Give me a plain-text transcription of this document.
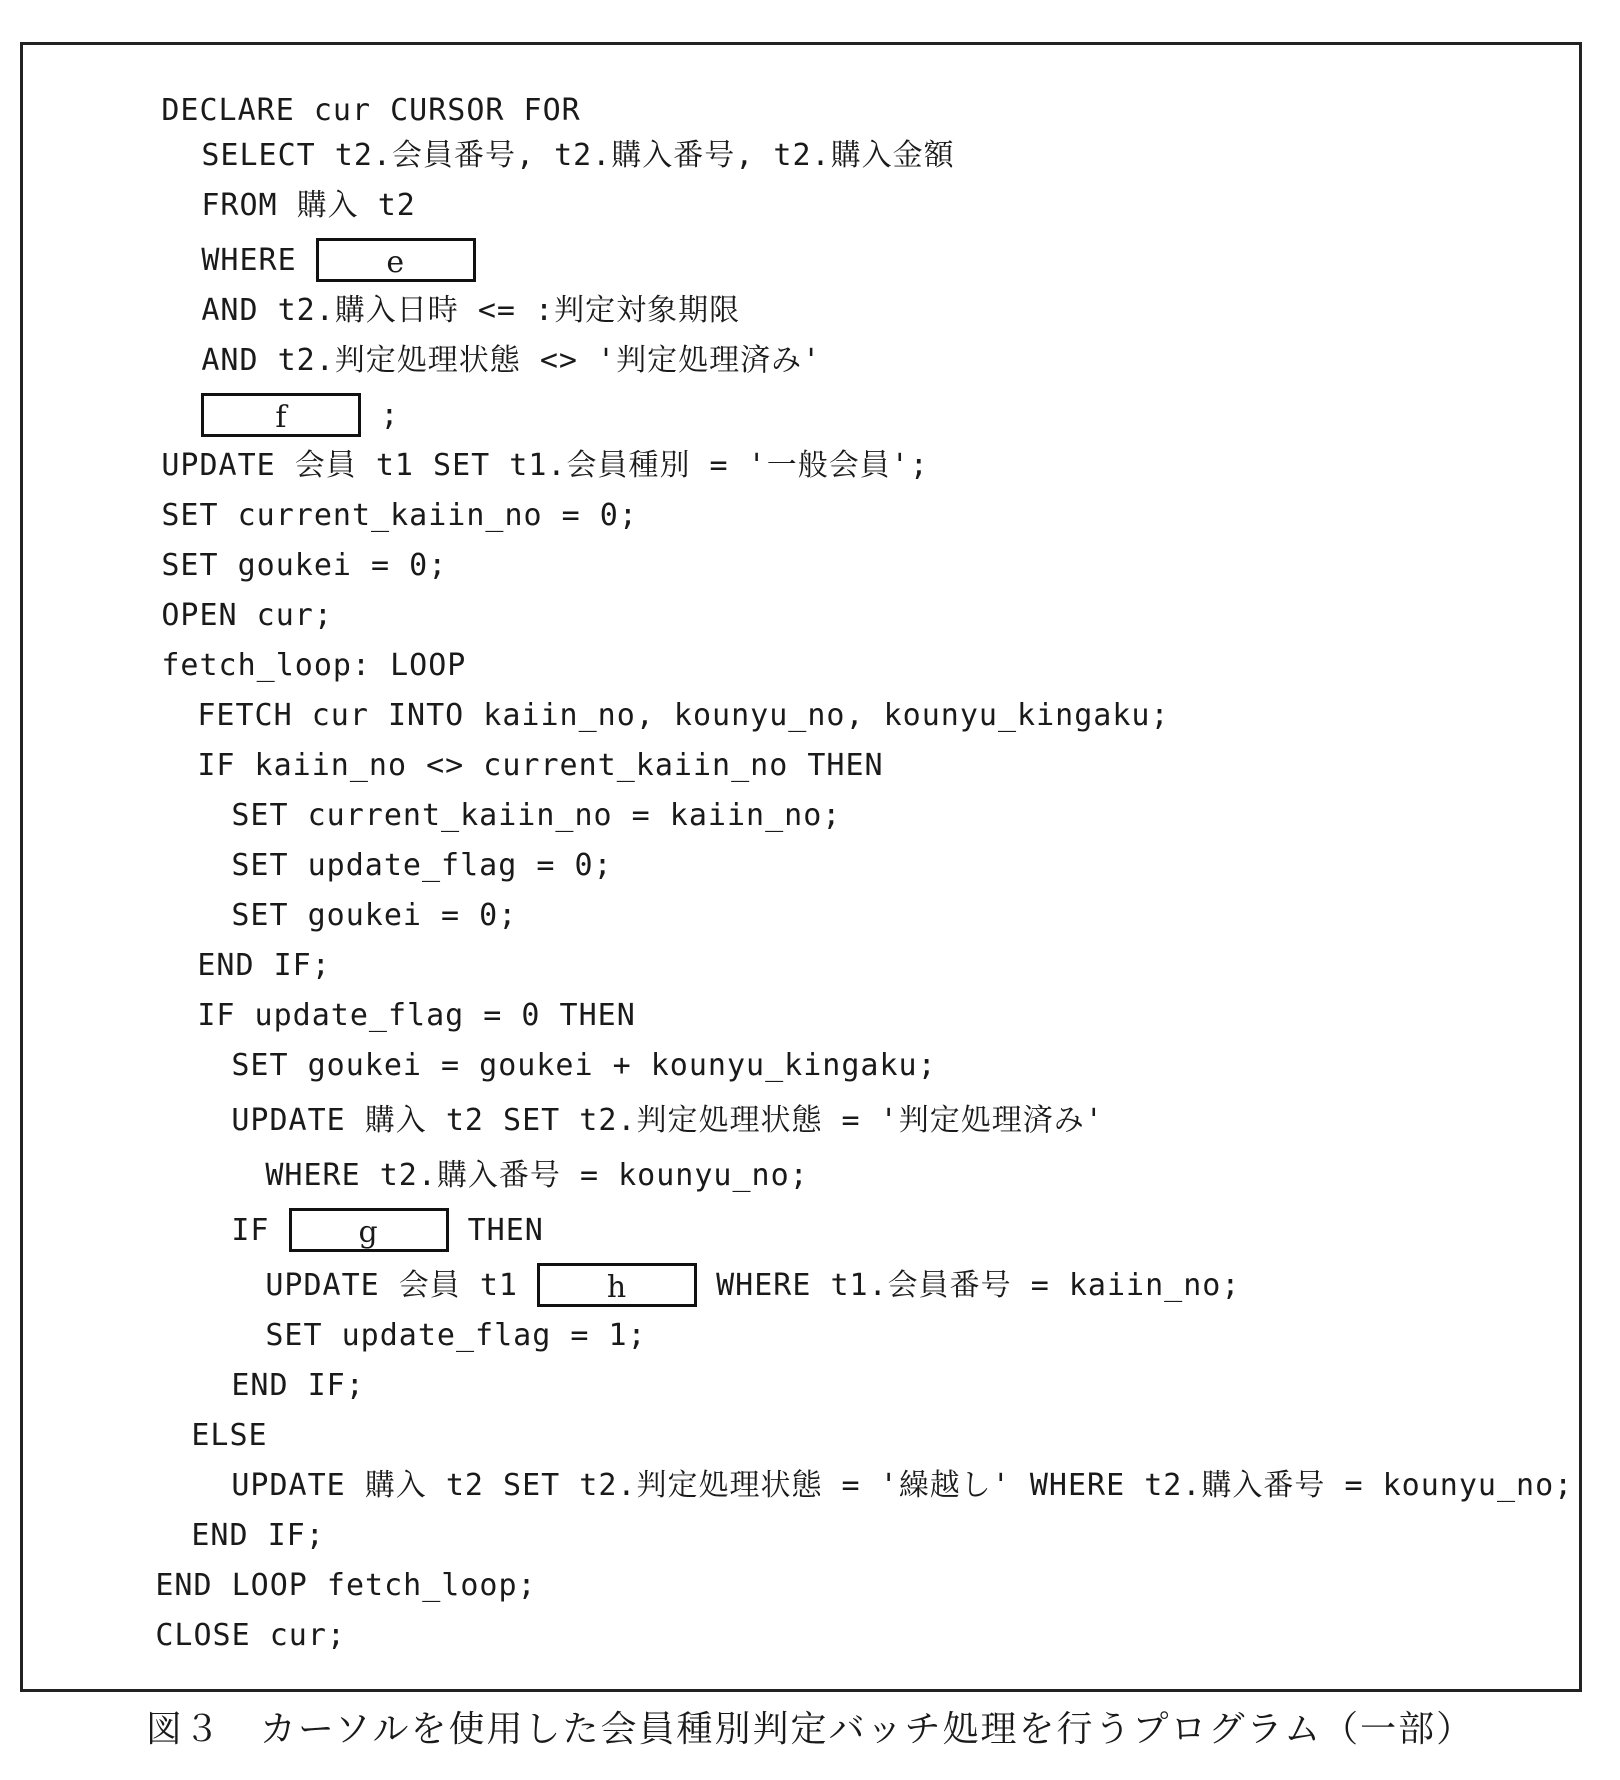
DECLARE cur CURSOR FOR

SELECT t2.会員番号, t2.購入番号, t2.購入金額

FROM 購入 t2

WHERE e

AND t2.購入日時 <= :判定対象期限

AND t2.判定処理状態 <> '判定処理済み'

f ;

UPDATE 会員 t1 SET t1.会員種別 = '一般会員';

SET current_kaiin_no = 0;

SET goukei = 0;

OPEN cur;

fetch_loop: LOOP

FETCH cur INTO kaiin_no, kounyu_no, kounyu_kingaku;

IF kaiin_no <> current_kaiin_no THEN

SET current_kaiin_no = kaiin_no;

SET update_flag = 0;

SET goukei = 0;

END IF;

IF update_flag = 0 THEN

SET goukei = goukei + kounyu_kingaku;

UPDATE 購入 t2 SET t2.判定処理状態 = '判定処理済み'

WHERE t2.購入番号 = kounyu_no;

IF g THEN

UPDATE 会員 t1 h WHERE t1.会員番号 = kaiin_no;

SET update_flag = 1;

END IF;

ELSE

UPDATE 購入 t2 SET t2.判定処理状態 = '繰越し' WHERE t2.購入番号 = kounyu_no;

END IF;

END LOOP fetch_loop;

CLOSE cur;

図３　カーソルを使用した会員種別判定バッチ処理を行うプログラム（一部）
